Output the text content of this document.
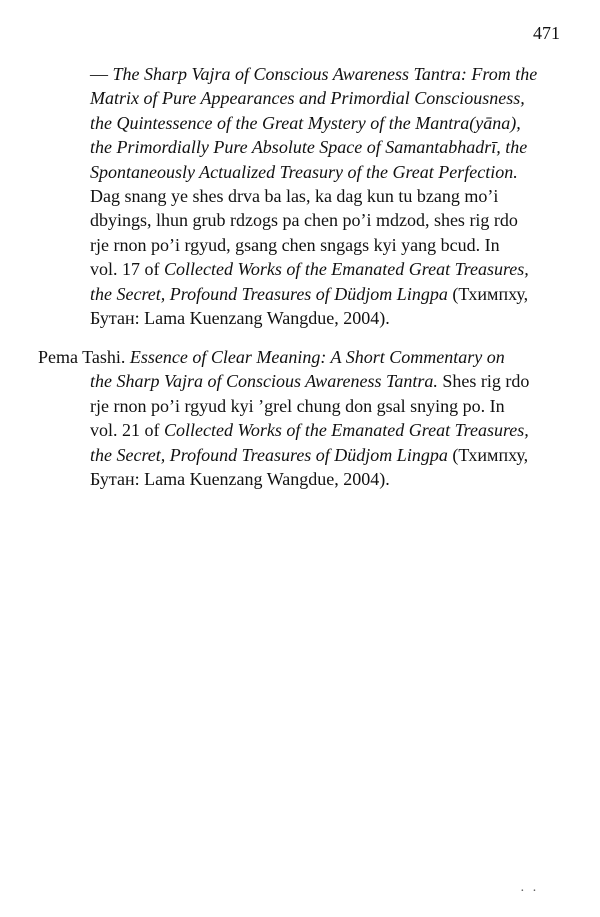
471
— The Sharp Vajra of Conscious Awareness Tantra: From the
Matrix of Pure Appearances and Primordial Consciousness,
the Quintessence of the Great Mystery of the Mantra(yāna),
the Primordially Pure Absolute Space of Samantabhadrī, the
Spontaneously Actualized Treasury of the Great Perfection.
Dag snang ye shes drva ba las, ka dag kun tu bzang mo’i
dbyings, lhun grub rdzogs pa chen po’i mdzod, shes rig rdo
rje rnon po’i rgyud, gsang chen sngags kyi yang bcud. In
vol. 17 of Collected Works of the Emanated Great Treasures,
the Secret, Profound Treasures of Düdjom Lingpa (Тхимпху,
Бутан: Lama Kuenzang Wangdue, 2004).
Pema Tashi. Essence of Clear Meaning: A Short Commentary on
the Sharp Vajra of Conscious Awareness Tantra. Shes rig rdo
rje rnon po’i rgyud kyi ’grel chung don gsal snying po. In
vol. 21 of Collected Works of the Emanated Great Treasures,
the Secret, Profound Treasures of Düdjom Lingpa (Тхимпху,
Бутан: Lama Kuenzang Wangdue, 2004).
· ·
